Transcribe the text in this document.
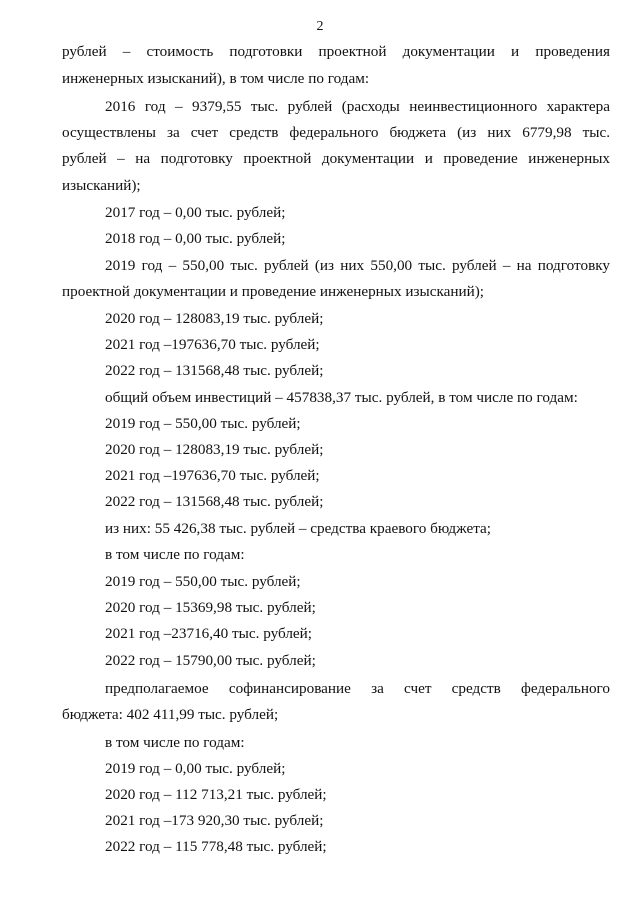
2
рублей – стоимость подготовки проектной документации и проведения
инженерных изысканий), в том числе по годам:
2016 год – 9379,55 тыс. рублей (расходы неинвестиционного характера
осуществлены за счет средств федерального бюджета (из них 6779,98 тыс.
рублей – на подготовку проектной документации и проведение инженерных
изысканий);
2017 год – 0,00 тыс. рублей;
2018 год – 0,00 тыс. рублей;
2019 год – 550,00 тыс. рублей (из них 550,00 тыс. рублей – на подготовку
проектной документации и проведение инженерных изысканий);
2020 год – 128083,19 тыс. рублей;
2021 год –197636,70 тыс. рублей;
2022 год – 131568,48 тыс. рублей;
общий объем инвестиций – 457838,37 тыс. рублей, в том числе по годам:
2019 год – 550,00 тыс. рублей;
2020 год – 128083,19 тыс. рублей;
2021 год –197636,70 тыс. рублей;
2022 год – 131568,48 тыс. рублей;
из них: 55 426,38 тыс. рублей – средства краевого бюджета;
в том числе по годам:
2019 год – 550,00 тыс. рублей;
2020 год – 15369,98 тыс. рублей;
2021 год –23716,40 тыс. рублей;
2022 год – 15790,00 тыс. рублей;
предполагаемое софинансирование за счет средств федерального
бюджета: 402 411,99 тыс. рублей;
в том числе по годам:
2019 год – 0,00 тыс. рублей;
2020 год – 112 713,21 тыс. рублей;
2021 год –173 920,30 тыс. рублей;
2022 год – 115 778,48 тыс. рублей;
